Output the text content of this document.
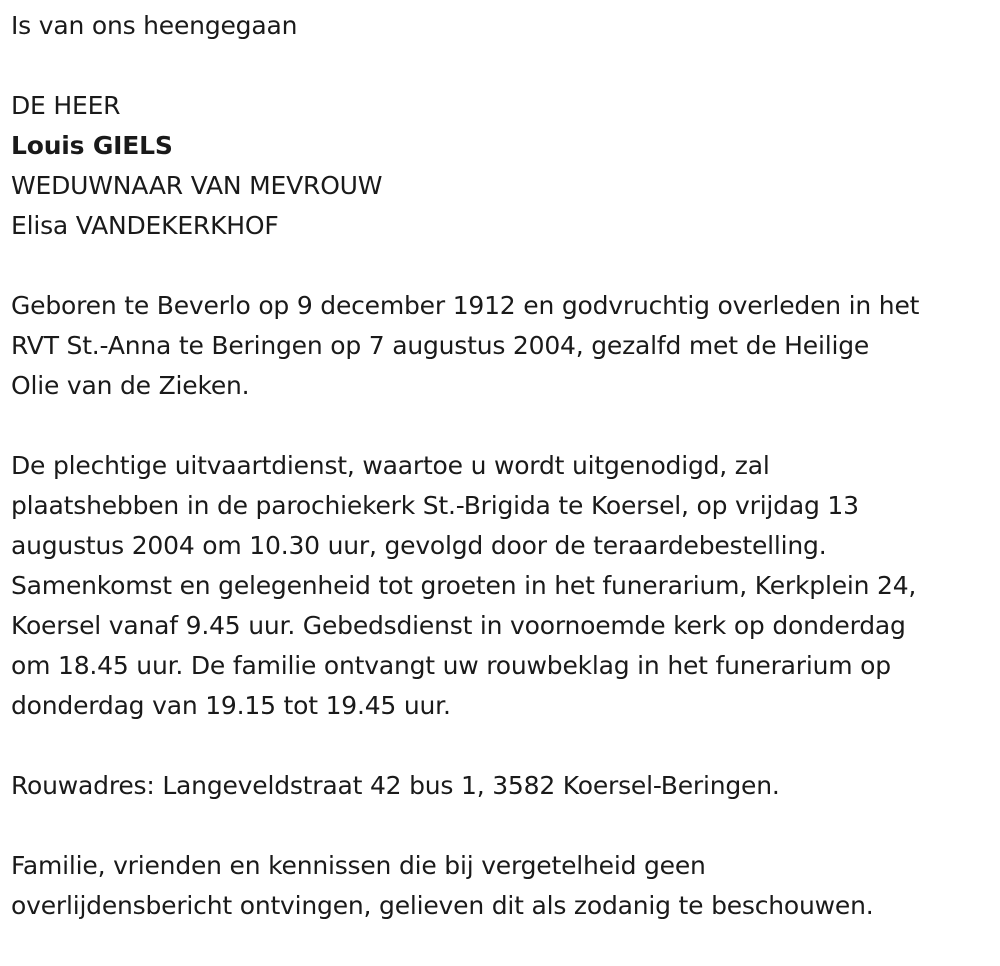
Is van ons heengegaan
DE HEER
Louis GIELS
WEDUWNAAR VAN MEVROUW
Elisa VANDEKERKHOF
Geboren te Beverlo op 9 december 1912 en godvruchtig overleden in het
RVT St.-Anna te Beringen op 7 augustus 2004, gezalfd met de Heilige
Olie van de Zieken.
De plechtige uitvaartdienst, waartoe u wordt uitgenodigd, zal
plaatshebben in de parochiekerk St.-Brigida te Koersel, op vrijdag 13
augustus 2004 om 10.30 uur, gevolgd door de teraardebestelling.
Samenkomst en gelegenheid tot groeten in het funerarium, Kerkplein 24,
Koersel vanaf 9.45 uur. Gebedsdienst in voornoemde kerk op donderdag
om 18.45 uur. De familie ontvangt uw rouwbeklag in het funerarium op
donderdag van 19.15 tot 19.45 uur.
Rouwadres: Langeveldstraat 42 bus 1, 3582 Koersel-Beringen.
Familie, vrienden en kennissen die bij vergetelheid geen
overlijdensbericht ontvingen, gelieven dit als zodanig te beschouwen.
